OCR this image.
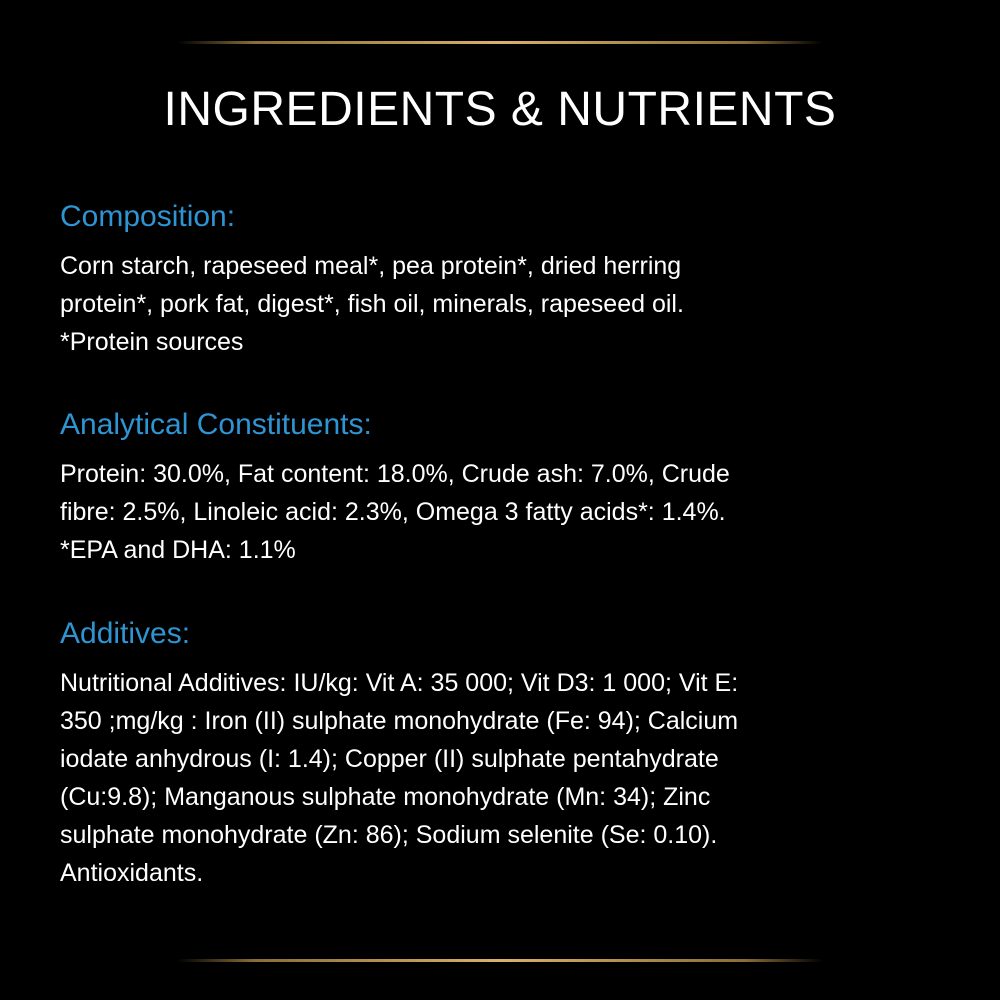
INGREDIENTS & NUTRIENTS
Composition:

Corn starch, rapeseed meal*, pea protein*, dried herring
protein*, pork fat, digest*, fish oil, minerals, rapeseed oil.
*Protein sources

Analytical Constituents:

Protein: 30.0%, Fat content: 18.0%, Crude ash: 7.0%, Crude
fibre: 2.5%, Linoleic acid: 2.3%, Omega 3 fatty acids*: 1.4%.
*EPA and DHA: 1.1%

Additives:

Nutritional Additives: IU/kg: Vit A: 35 000; Vit D3: 1 000; Vit E:
350 ;mg/kg : Iron (II) sulphate monohydrate (Fe: 94); Calcium
iodate anhydrous (I: 1.4); Copper (II) sulphate pentahydrate
(Cu:9.8); Manganous sulphate monohydrate (Mn: 34); Zinc
sulphate monohydrate (Zn: 86); Sodium selenite (Se: 0.10).
Antioxidants.
